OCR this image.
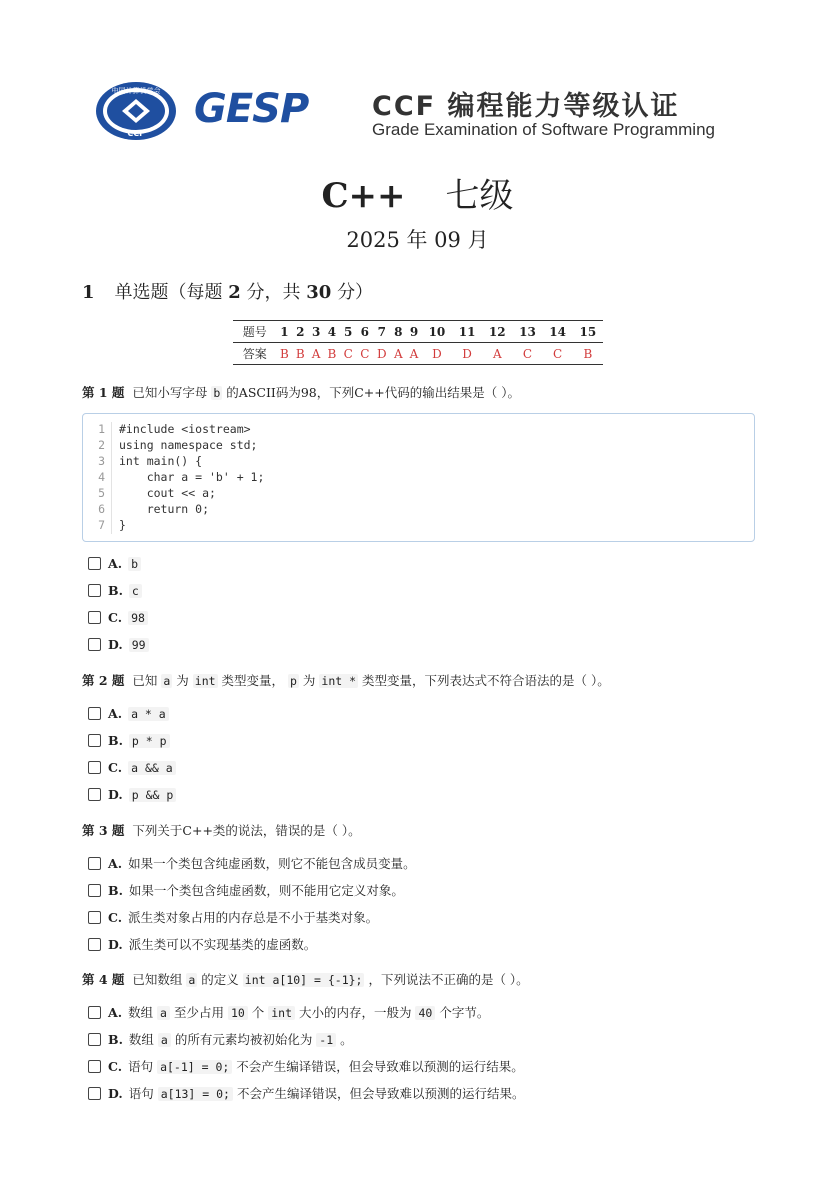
中国计算机学会
CCF
GESP CCF 编程能力等级认证
Grade Examination of Software Programming
C++ 七级
2025 年 09 月
1 单选题（每题 2 分，共 30 分）
题号	1	2	3	4	5	6	7	8	9	10	11	12	13	14	15
答案	B	B	A	B	C	C	D	A	A	D	D	A	C	C	B
第 1 题 已知小写字母 b 的ASCII码为98，下列C++代码的输出结果是（ ）。
1 #include <iostream>
2 using namespace std;
3 int main() {
4    char a = 'b' + 1;
5    cout << a;
6    return 0;
7 }
A. b
B. c
C. 98
D. 99
第 2 题 已知 a 为 int 类型变量， p 为 int * 类型变量，下列表达式不符合语法的是（ ）。
A. a * a
B. p * p
C. a && a
D. p && p
第 3 题 下列关于C++类的说法，错误的是（ ）。
A. 如果一个类包含纯虚函数，则它不能包含成员变量。
B. 如果一个类包含纯虚函数，则不能用它定义对象。
C. 派生类对象占用的内存总是不小于基类对象。
D. 派生类可以不实现基类的虚函数。
第 4 题 已知数组 a 的定义 int a[10] = {-1}; ，下列说法不正确的是（ ）。
A. 数组 a 至少占用 10 个 int 大小的内存，一般为 40 个字节。
B. 数组 a 的所有元素均被初始化为 -1 。
C. 语句 a[-1] = 0; 不会产生编译错误，但会导致难以预测的运行结果。
D. 语句 a[13] = 0; 不会产生编译错误，但会导致难以预测的运行结果。
